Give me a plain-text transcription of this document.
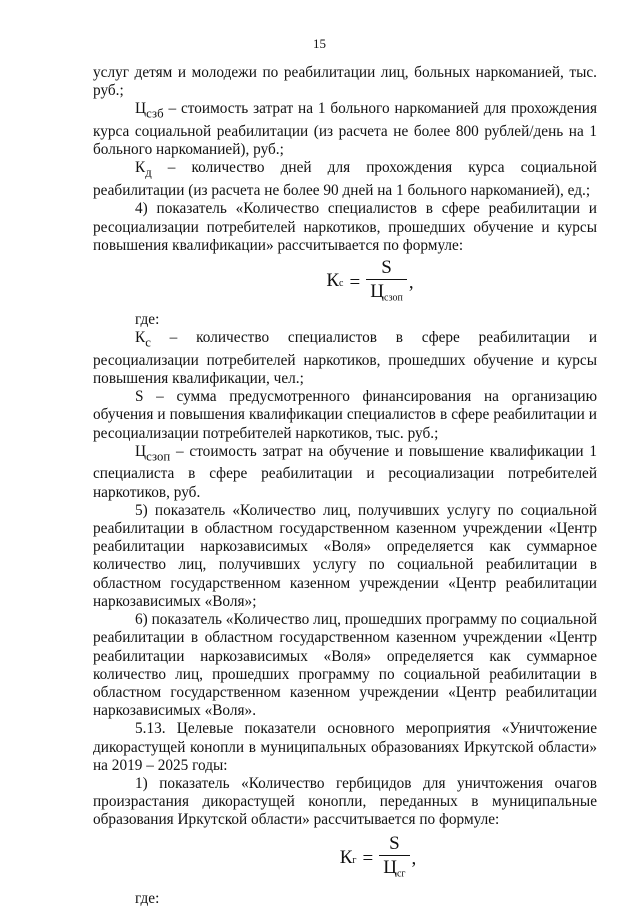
15

услуг детям и молодежи по реабилитации лиц, больных наркоманией, тыс. руб.;

$Ц_{сзб}$ – стоимость затрат на 1 больного наркоманией для прохождения курса социальной реабилитации (из расчета не более 800 рублей/день на 1 больного наркоманией), руб.;

$К_д$ – количество дней для прохождения курса социальной реабилитации (из расчета не более 90 дней на 1 больного наркоманией), ед.;

4) показатель «Количество специалистов в сфере реабилитации и ресоциализации потребителей наркотиков, прошедших обучение и курсы повышения квалификации» рассчитывается по формуле:

К $с = \frac{S}{Ц_{сзоп}}$ ,

где:

$К_с$ – количество специалистов в сфере реабилитации и ресоциализации потребителей наркотиков, прошедших обучение и курсы повышения квалификации, чел.;

S – сумма предусмотренного финансирования на организацию обучения и повышения квалификации специалистов в сфере реабилитации и ресоциализации потребителей наркотиков, тыс. руб.;

$Ц_{сзоп}$ – стоимость затрат на обучение и повышение квалификации 1 специалиста в сфере реабилитации и ресоциализации потребителей наркотиков, руб.

5) показатель «Количество лиц, получивших услугу по социальной реабилитации в областном государственном казенном учреждении «Центр реабилитации наркозависимых «Воля» определяется как суммарное количество лиц, получивших услугу по социальной реабилитации в областном государственном казенном учреждении «Центр реабилитации наркозависимых «Воля»;

6) показатель «Количество лиц, прошедших программу по социальной реабилитации в областном государственном казенном учреждении «Центр реабилитации наркозависимых «Воля» определяется как суммарное количество лиц, прошедших программу по социальной реабилитации в областном государственном казенном учреждении «Центр реабилитации наркозависимых «Воля».

5.13. Целевые показатели основного мероприятия «Уничтожение дикорастущей конопли в муниципальных образованиях Иркутской области» на 2019 – 2025 годы:

1) показатель «Количество гербицидов для уничтожения очагов произрастания дикорастущей конопли, переданных в муниципальные образования Иркутской области» рассчитывается по формуле:

К $г = \frac{S}{Ц_{сг}}$ ,

где:
